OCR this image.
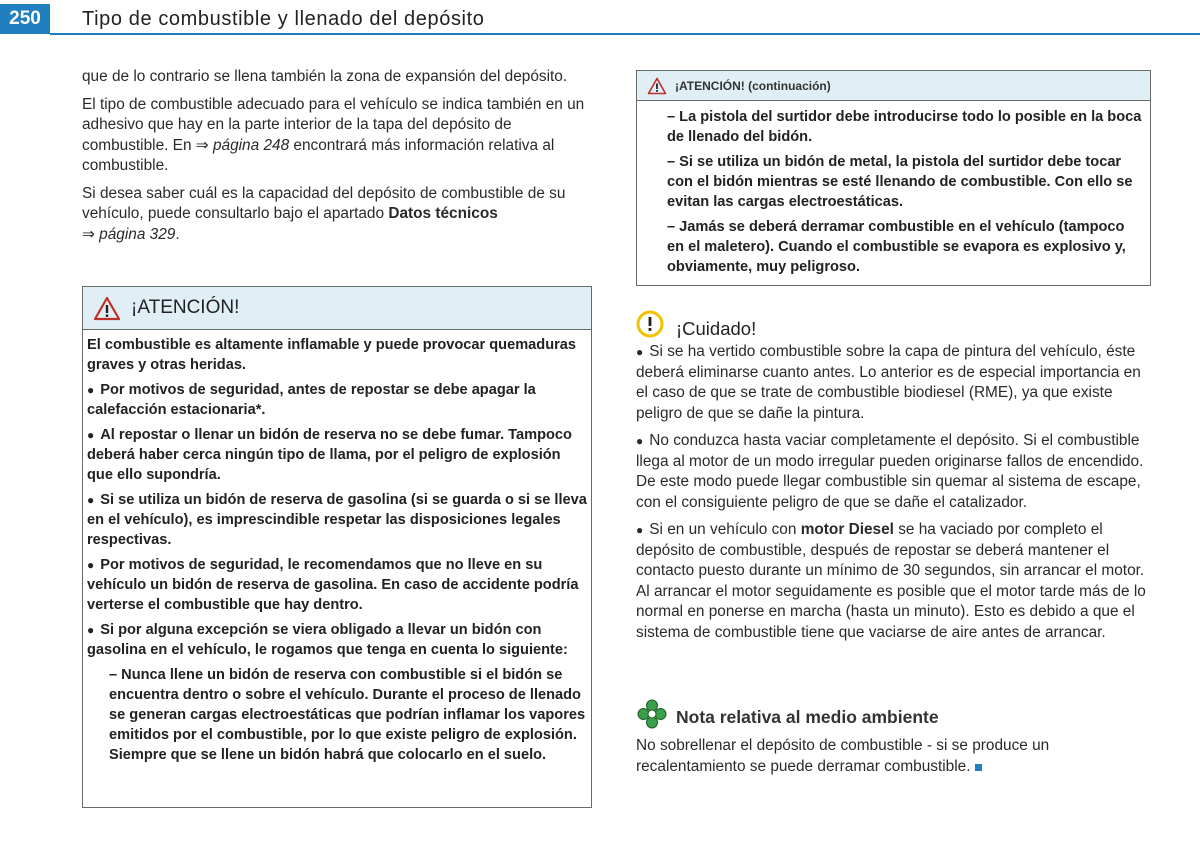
250	Tipo de combustible y llenado del depósito

que de lo contrario se llena también la zona de expansión del depósito.

El tipo de combustible adecuado para el vehículo se indica también en un adhesivo que hay en la parte interior de la tapa del depósito de combustible. En ⇒ página 248 encontrará más información relativa al combustible.

Si desea saber cuál es la capacidad del depósito de combustible de su vehículo, puede consultarlo bajo el apartado Datos técnicos
⇒ página 329.

¡ATENCIÓN!

El combustible es altamente inflamable y puede provocar quemaduras graves y otras heridas.

● Por motivos de seguridad, antes de repostar se debe apagar la calefacción estacionaria*.

● Al repostar o llenar un bidón de reserva no se debe fumar. Tampoco deberá haber cerca ningún tipo de llama, por el peligro de explosión que ello supondría.

● Si se utiliza un bidón de reserva de gasolina (si se guarda o si se lleva en el vehículo), es imprescindible respetar las disposiciones legales respectivas.

● Por motivos de seguridad, le recomendamos que no lleve en su vehículo un bidón de reserva de gasolina. En caso de accidente podría verterse el combustible que hay dentro.

● Si por alguna excepción se viera obligado a llevar un bidón con gasolina en el vehículo, le rogamos que tenga en cuenta lo siguiente:

– Nunca llene un bidón de reserva con combustible si el bidón se encuentra dentro o sobre el vehículo. Durante el proceso de llenado se generan cargas electroestáticas que podrían inflamar los vapores emitidos por el combustible, por lo que existe peligro de explosión. Siempre que se llene un bidón habrá que colocarlo en el suelo.

¡ATENCIÓN! (continuación)

– La pistola del surtidor debe introducirse todo lo posible en la boca de llenado del bidón.

– Si se utiliza un bidón de metal, la pistola del surtidor debe tocar con el bidón mientras se esté llenando de combustible. Con ello se evitan las cargas electroestáticas.

– Jamás se deberá derramar combustible en el vehículo (tampoco en el maletero). Cuando el combustible se evapora es explosivo y, obviamente, muy peligroso.

¡Cuidado!

● Si se ha vertido combustible sobre la capa de pintura del vehículo, éste deberá eliminarse cuanto antes. Lo anterior es de especial importancia en el caso de que se trate de combustible biodiesel (RME), ya que existe peligro de que se dañe la pintura.

● No conduzca hasta vaciar completamente el depósito. Si el combustible llega al motor de un modo irregular pueden originarse fallos de encendido. De este modo puede llegar combustible sin quemar al sistema de escape, con el consiguiente peligro de que se dañe el catalizador.

● Si en un vehículo con motor Diesel se ha vaciado por completo el depósito de combustible, después de repostar se deberá mantener el contacto puesto durante un mínimo de 30 segundos, sin arrancar el motor. Al arrancar el motor seguidamente es posible que el motor tarde más de lo normal en ponerse en marcha (hasta un minuto). Esto es debido a que el sistema de combustible tiene que vaciarse de aire antes de arrancar.

Nota relativa al medio ambiente

No sobrellenar el depósito de combustible - si se produce un recalentamiento se puede derramar combustible.
